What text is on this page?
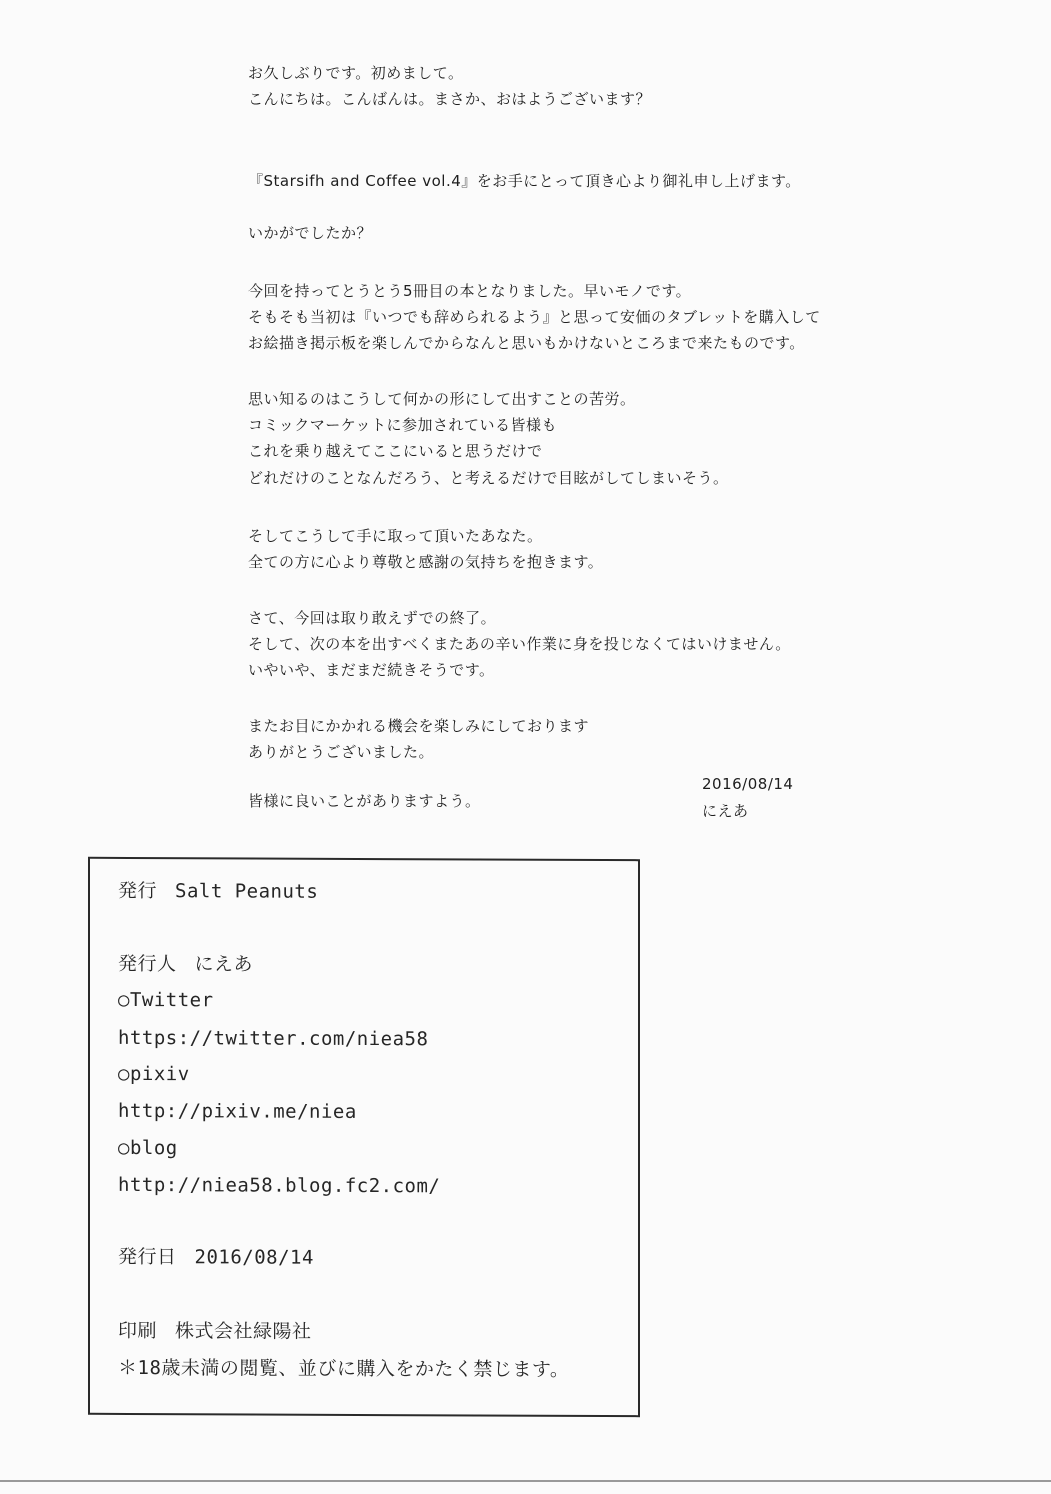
お久しぶりです。初めまして。
こんにちは。こんばんは。まさか、おはようございます？
『Starsifh and Coffee vol.4』をお手にとって頂き心より御礼申し上げます。
いかがでしたか？
今回を持ってとうとう5冊目の本となりました。早いモノです。
そもそも当初は『いつでも辞められるよう』と思って安価のタブレットを購入して
お絵描き掲示板を楽しんでからなんと思いもかけないところまで来たものです。
思い知るのはこうして何かの形にして出すことの苦労。
コミックマーケットに参加されている皆様も
これを乗り越えてここにいると思うだけで
どれだけのことなんだろう、と考えるだけで目眩がしてしまいそう。
そしてこうして手に取って頂いたあなた。
全ての方に心より尊敬と感謝の気持ちを抱きます。
さて、今回は取り敢えずでの終了。
そして、次の本を出すべくまたあの辛い作業に身を投じなくてはいけません。
いやいや、まだまだ続きそうです。
またお目にかかれる機会を楽しみにしております
ありがとうございました。
皆様に良いことがありますよう。
2016/08/14
にえあ
発行 Salt Peanuts
発行人 にえあ
○Twitter
https://twitter.com/niea58
○pixiv
http://pixiv.me/niea
○blog
http://niea58.blog.fc2.com/
発行日 2016/08/14
印刷 株式会社緑陽社
＊18歳未満の閲覧、並びに購入をかたく禁じます。
